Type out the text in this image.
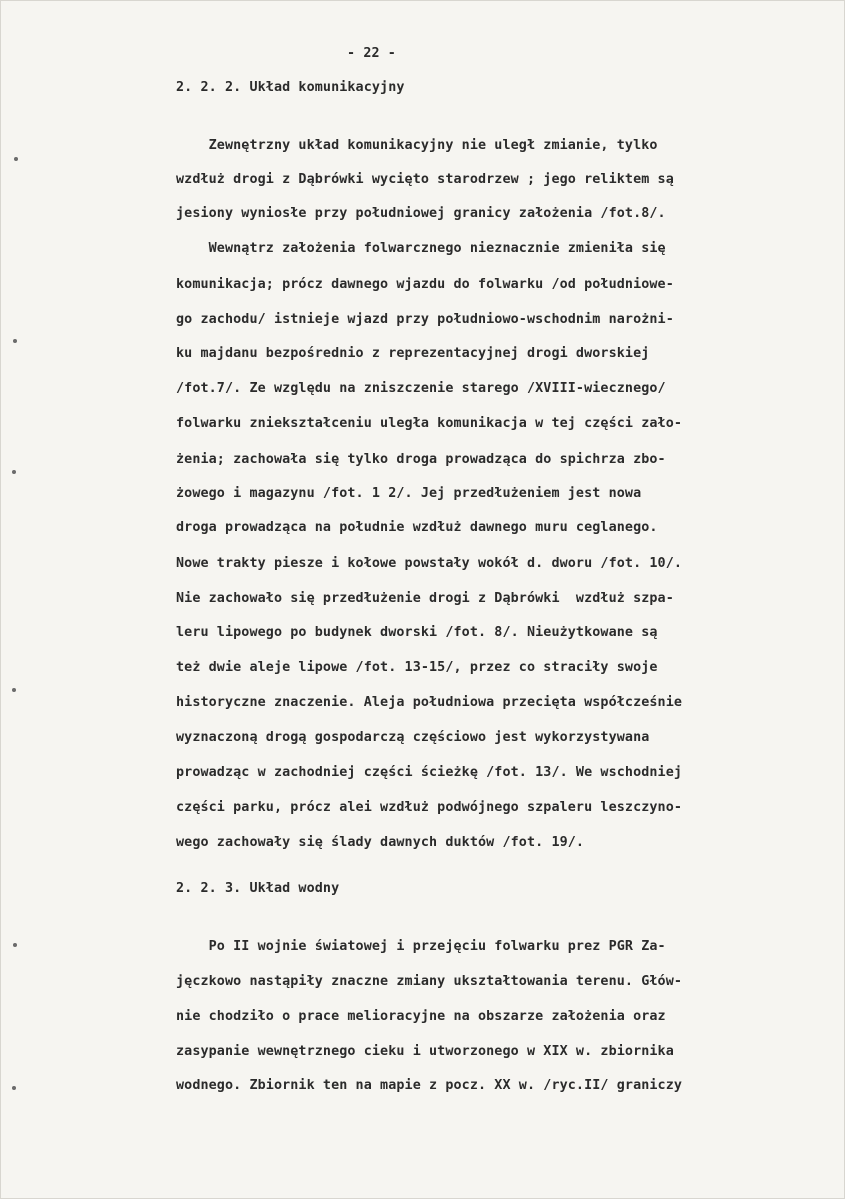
- 22 -
2. 2. 2. Układ komunikacyjny
Zewnętrzny układ komunikacyjny nie uległ zmianie, tylko
wzdłuż drogi z Dąbrówki wycięto starodrzew ; jego reliktem są
jesiony wyniosłe przy południowej granicy założenia /fot.8/.
Wewnątrz założenia folwarcznego nieznacznie zmieniła się
komunikacja; prócz dawnego wjazdu do folwarku /od południowe-
go zachodu/ istnieje wjazd przy południowo-wschodnim narożni-
ku majdanu bezpośrednio z reprezentacyjnej drogi dworskiej
/fot.7/. Ze względu na zniszczenie starego /XVIII-wiecznego/
folwarku zniekształceniu uległa komunikacja w tej części zało-
żenia; zachowała się tylko droga prowadząca do spichrza zbo-
żowego i magazynu /fot. 1 2/. Jej przedłużeniem jest nowa
droga prowadząca na południe wzdłuż dawnego muru ceglanego.
Nowe trakty piesze i kołowe powstały wokół d. dworu /fot. 10/.
Nie zachowało się przedłużenie drogi z Dąbrówki  wzdłuż szpa-
leru lipowego po budynek dworski /fot. 8/. Nieużytkowane są
też dwie aleje lipowe /fot. 13-15/, przez co straciły swoje
historyczne znaczenie. Aleja południowa przecięta współcześnie
wyznaczoną drogą gospodarczą częściowo jest wykorzystywana
prowadząc w zachodniej części ścieżkę /fot. 13/. We wschodniej
części parku, prócz alei wzdłuż podwójnego szpaleru leszczyno-
wego zachowały się ślady dawnych duktów /fot. 19/.
2. 2. 3. Układ wodny
Po II wojnie światowej i przejęciu folwarku prez PGR Za-
jęczkowo nastąpiły znaczne zmiany ukształtowania terenu. Głów-
nie chodziło o prace melioracyjne na obszarze założenia oraz
zasypanie wewnętrznego cieku i utworzonego w XIX w. zbiornika
wodnego. Zbiornik ten na mapie z pocz. XX w. /ryc.II/ graniczy
